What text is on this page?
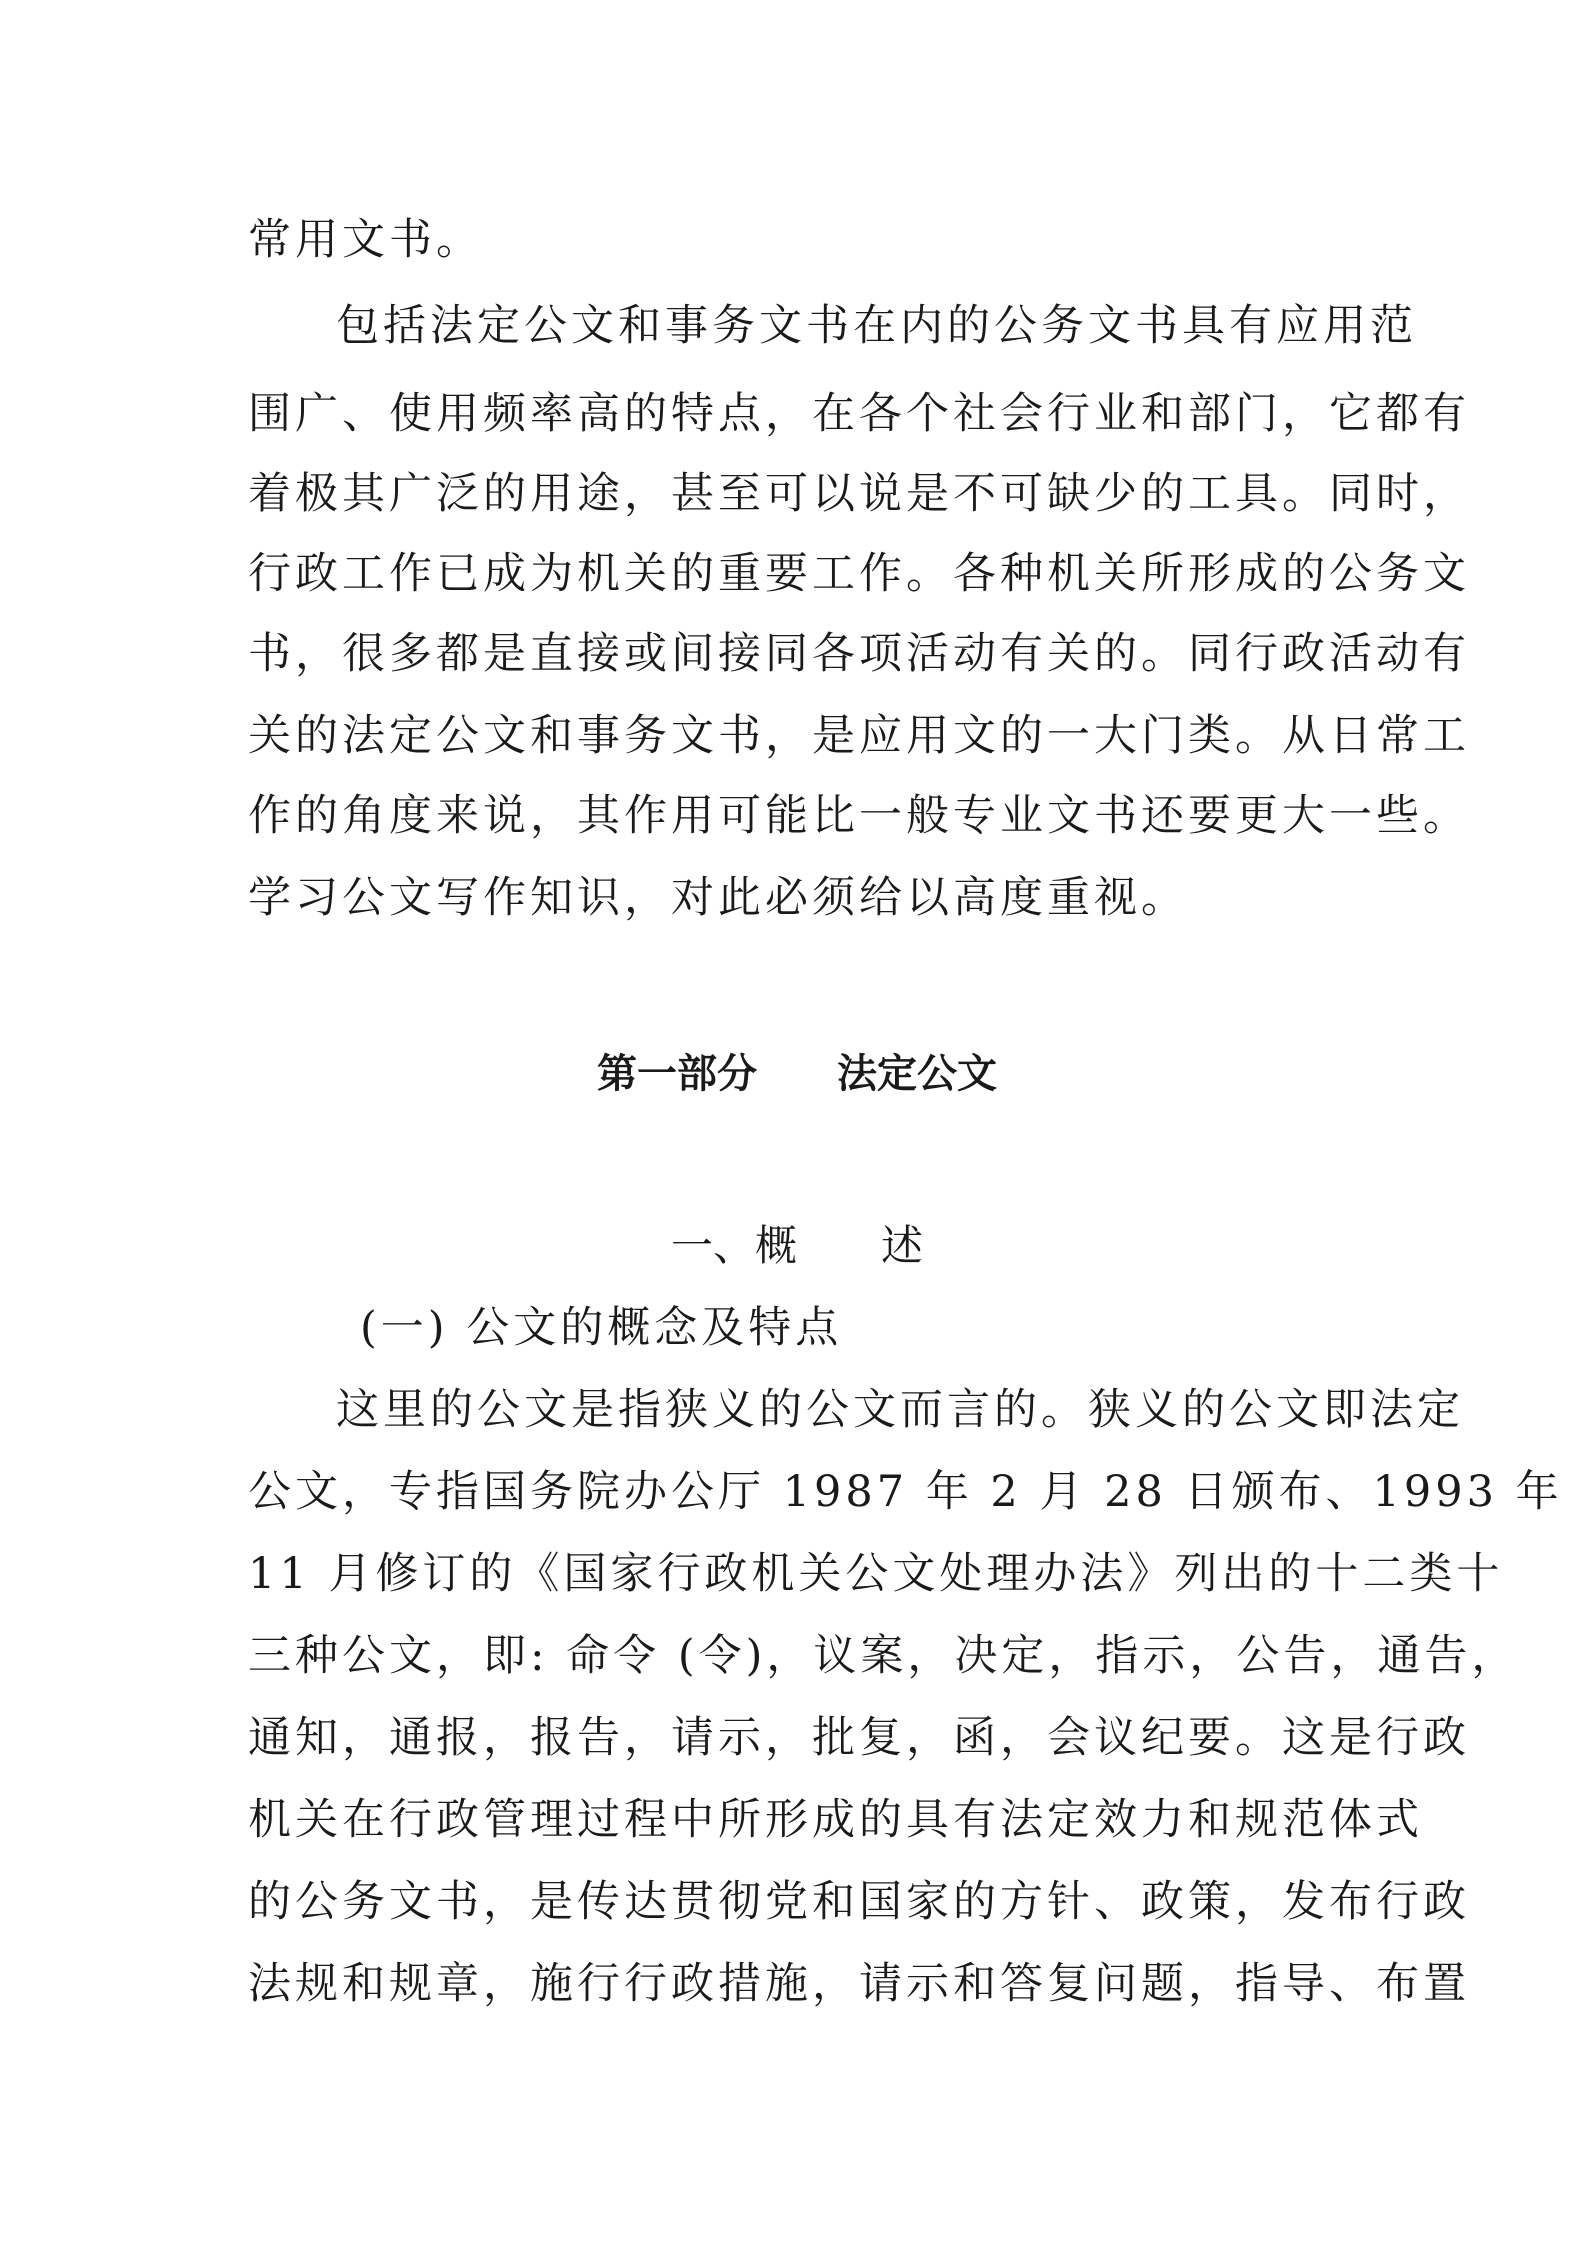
常用文书。
包括法定公文和事务文书在内的公务文书具有应用范
围广、使用频率高的特点，在各个社会行业和部门，它都有
着极其广泛的用途，甚至可以说是不可缺少的工具。同时，
行政工作已成为机关的重要工作。各种机关所形成的公务文
书，很多都是直接或间接同各项活动有关的。同行政活动有
关的法定公文和事务文书，是应用文的一大门类。从日常工
作的角度来说，其作用可能比一般专业文书还要更大一些。
学习公文写作知识，对此必须给以高度重视。
第一部分　　法定公文
一、概　　述
(一) 公文的概念及特点
这里的公文是指狭义的公文而言的。狭义的公文即法定
公文，专指国务院办公厅 1987 年 2 月 28 日颁布、1993 年
11 月修订的《国家行政机关公文处理办法》列出的十二类十
三种公文，即: 命令 (令)，议案，决定，指示，公告，通告，
通知，通报，报告，请示，批复，函，会议纪要。这是行政
机关在行政管理过程中所形成的具有法定效力和规范体式
的公务文书，是传达贯彻党和国家的方针、政策，发布行政
法规和规章，施行行政措施，请示和答复问题，指导、布置
